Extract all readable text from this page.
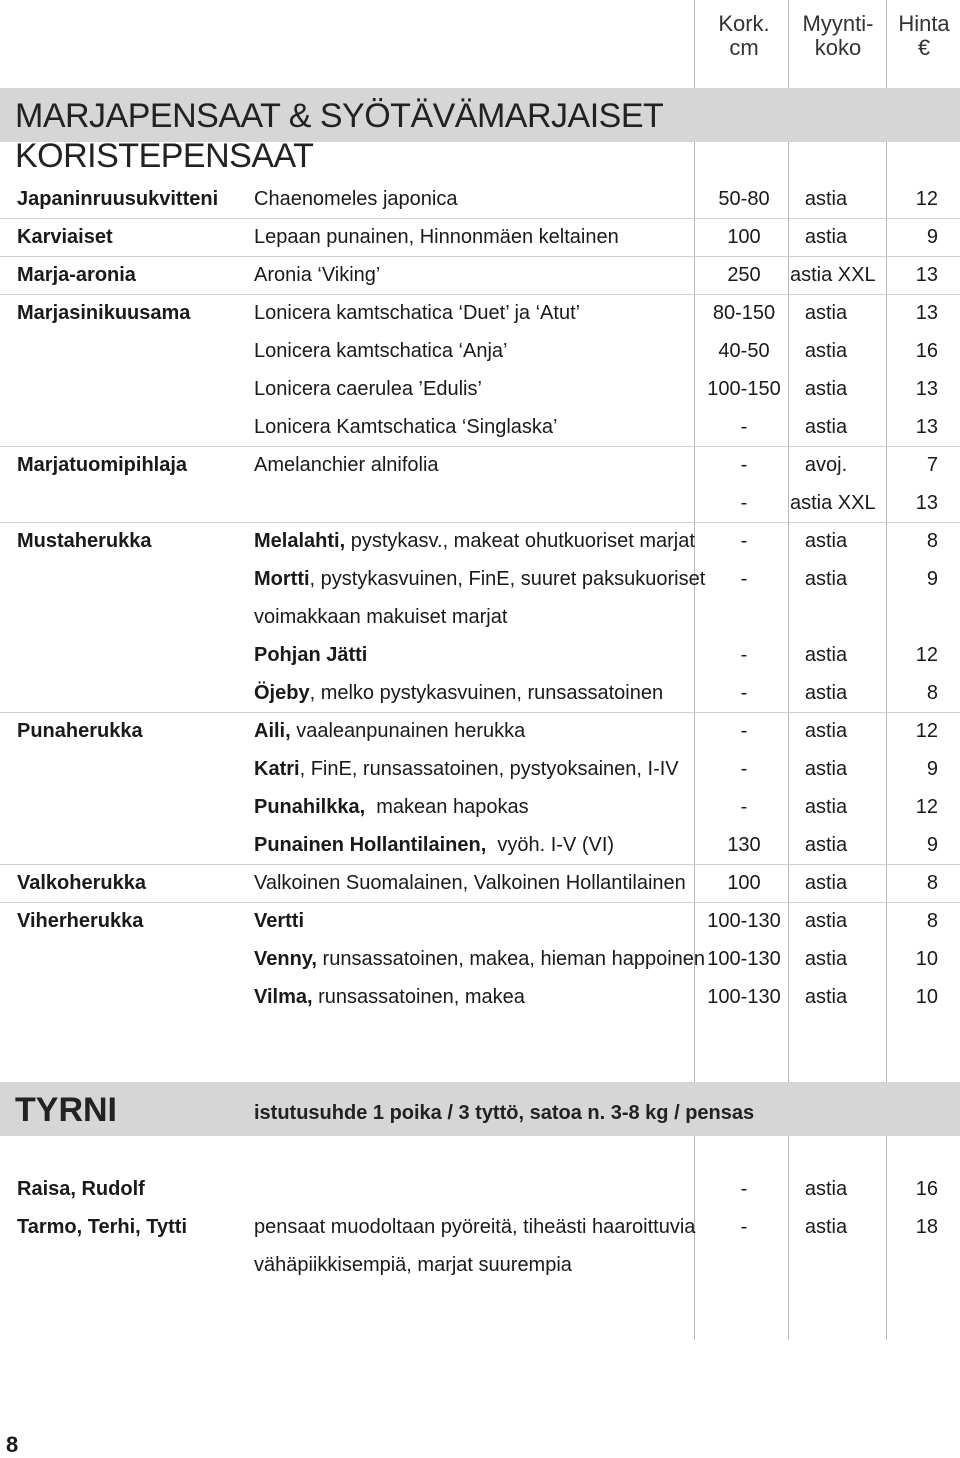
Kork.
cm
Myynti-
koko
Hinta
€
MARJAPENSAAT & SYÖTÄVÄMARJAISET KORISTEPENSAAT
Japaninruusukvitteni Chaenomeles japonica	50-80	astia	12
Karviaiset	Lepaan punainen, Hinnonmäen keltainen	100	astia	9
Marja-aronia	Aronia ‘Viking’	250	astia XXL 13
Marjasinikuusama	Lonicera kamtschatica ‘Duet’ ja ‘Atut’	80-150	astia	13
Lonicera kamtschatica ‘Anja’	40-50	astia	16
Lonicera caerulea ’Edulis’	100-150	astia	13
Lonicera Kamtschatica ‘Singlaska’	-	astia	13
Marjatuomipihlaja	Amelanchier alnifolia	-	avoj.	7
-	astia XXL 13
Mustaherukka	Melalahti, pystykasv., makeat ohutkuoriset marjat	-	astia	8
Mortti, pystykasvuinen, FinE, suuret paksukuoriset	-	astia	9
voimakkaan makuiset marjat
Pohjan Jätti	-	astia	12
Öjeby, melko pystykasvuinen, runsassatoinen	-	astia	8
Punaherukka	Aili, vaaleanpunainen herukka	-	astia	12
Katri, FinE, runsassatoinen, pystyoksainen, I-IV	-	astia	9
Punahilkka,  makean hapokas	-	astia	12
Punainen Hollantilainen,  vyöh. I-V (VI)	130	astia	9
Valkoherukka	Valkoinen Suomalainen, Valkoinen Hollantilainen	100	astia	8
Viherherukka	Vertti	100-130	astia	8
Venny, runsassatoinen, makea, hieman happoinen 100-130	astia	10
Vilma, runsassatoinen, makea	100-130	astia	10
TYRNI	istutusuhde 1 poika / 3 tyttö, satoa n. 3-8 kg / pensas
Raisa, Rudolf	-	astia	16
Tarmo, Terhi, Tytti	pensaat muodoltaan pyöreitä, tiheästi haaroittuvia	-	astia	18
vähäpiikkisempiä, marjat suurempia
8
